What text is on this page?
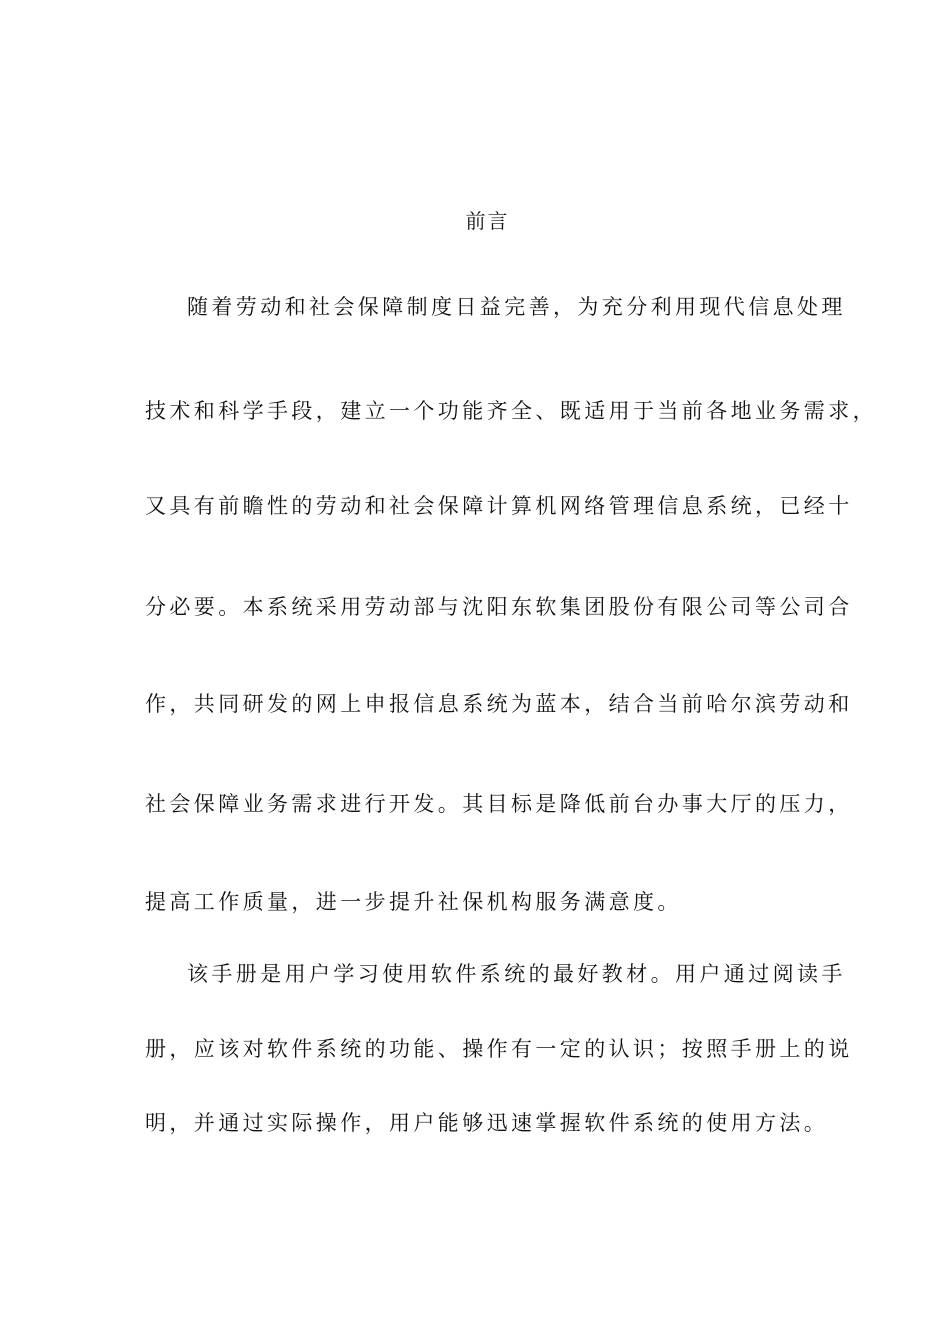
前言
随着劳动和社会保障制度日益完善，为充分利用现代信息处理
技术和科学手段，建立一个功能齐全、既适用于当前各地业务需求，
又具有前瞻性的劳动和社会保障计算机网络管理信息系统，已经十
分必要。本系统采用劳动部与沈阳东软集团股份有限公司等公司合
作，共同研发的网上申报信息系统为蓝本，结合当前哈尔滨劳动和
社会保障业务需求进行开发。其目标是降低前台办事大厅的压力，
提高工作质量，进一步提升社保机构服务满意度。
该手册是用户学习使用软件系统的最好教材。用户通过阅读手
册，应该对软件系统的功能、操作有一定的认识；按照手册上的说
明，并通过实际操作，用户能够迅速掌握软件系统的使用方法。
